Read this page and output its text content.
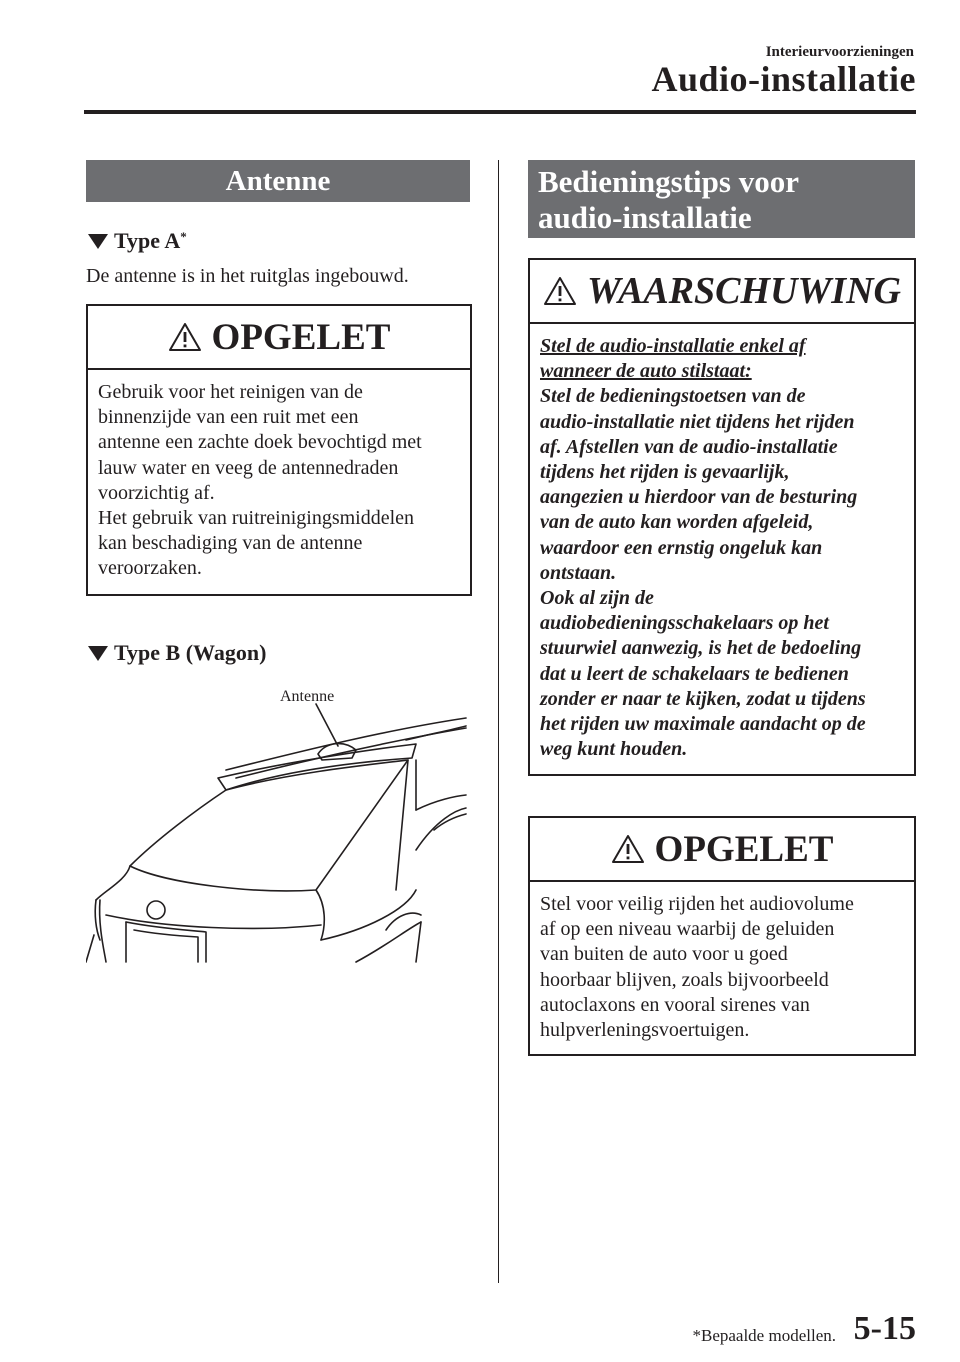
Interieurvoorzieningen
Audio-installatie
Antenne
Type A *
De antenne is in het ruitglas ingebouwd.
OPGELET
Gebruik voor het reinigen van de
binnenzijde van een ruit met een
antenne een zachte doek bevochtigd met
lauw water en veeg de antennedraden
voorzichtig af.
Het gebruik van ruitreinigingsmiddelen
kan beschadiging van de antenne
veroorzaken.
Type B (Wagon)
Antenne
Bedieningstips voor
audio-installatie
WAARSCHUWING
Stel de audio-installatie enkel af
wanneer de auto stilstaat:
Stel de bedieningstoetsen van de
audio-installatie niet tijdens het rijden
af. Afstellen van de audio-installatie
tijdens het rijden is gevaarlijk,
aangezien u hierdoor van de besturing
van de auto kan worden afgeleid,
waardoor een ernstig ongeluk kan
ontstaan.
Ook al zijn de
audiobedieningsschakelaars op het
stuurwiel aanwezig, is het de bedoeling
dat u leert de schakelaars te bedienen
zonder er naar te kijken, zodat u tijdens
het rijden uw maximale aandacht op de
weg kunt houden.
OPGELET
Stel voor veilig rijden het audiovolume
af op een niveau waarbij de geluiden
van buiten de auto voor u goed
hoorbaar blijven, zoals bijvoorbeeld
autoclaxons en vooral sirenes van
hulpverleningsvoertuigen.
*Bepaalde modellen. 5-15
